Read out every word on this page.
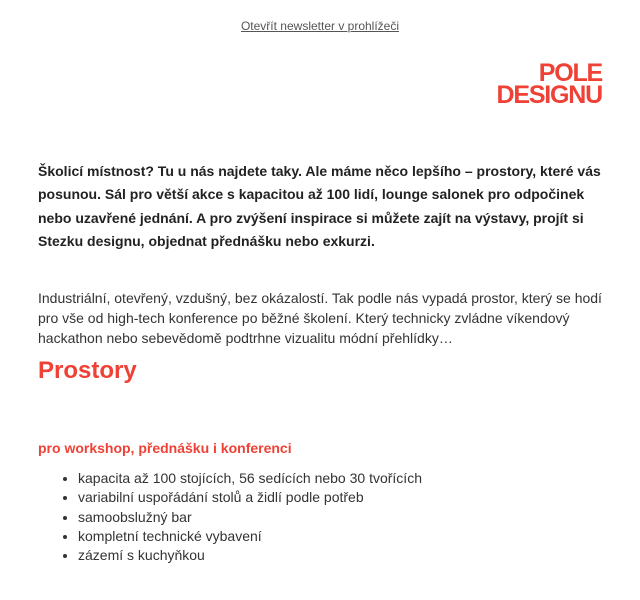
Otevřít newsletter v prohlížeči
POLE
DESIGNU

Školicí místnost? Tu u nás najdete taky. Ale máme něco lepšího – prostory, které vás posunou. Sál pro větší akce s kapacitou až 100 lidí, lounge salonek pro odpočinek nebo uzavřené jednání. A pro zvýšení inspirace si můžete zajít na výstavy, projít si Stezku designu, objednat přednášku nebo exkurzi.

Industriální, otevřený, vzdušný, bez okázalostí. Tak podle nás vypadá prostor, který se hodí pro vše od high-tech konference po běžné školení. Který technicky zvládne víkendový hackathon nebo sebevědomě podtrhne vizualitu módní přehlídky…

Prostory
pro workshop, přednášku i konferenci
• kapacita až 100 stojících, 56 sedících nebo 30 tvořících
• variabilní uspořádání stolů a židlí podle potřeb
• samoobslužný bar
• kompletní technické vybavení
• zázemí s kuchyňkou
